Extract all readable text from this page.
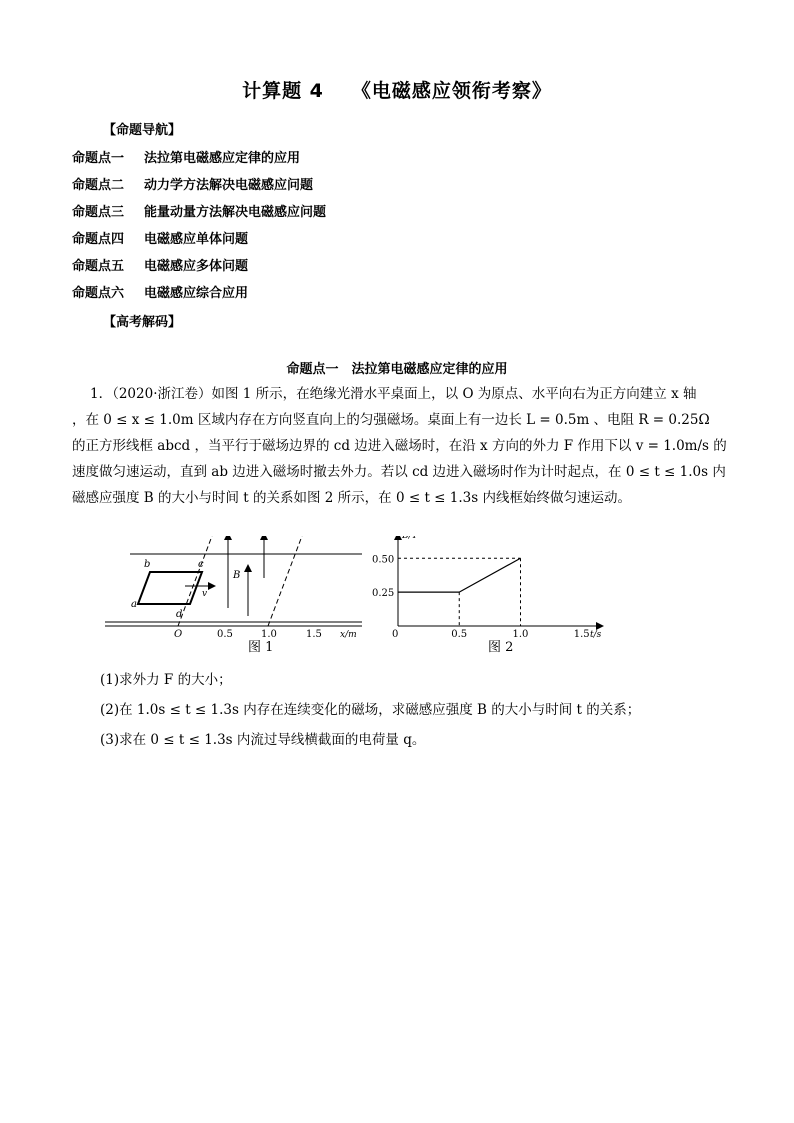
计算题 4 《电磁感应领衔考察》
【命题导航】
命题点一 法拉第电磁感应定律的应用
命题点二 动力学方法解决电磁感应问题
命题点三 能量动量方法解决电磁感应问题
命题点四 电磁感应单体问题
命题点五 电磁感应多体问题
命题点六 电磁感应综合应用
【高考解码】
命题点一　法拉第电磁感应定律的应用

1．（2020·浙江卷）如图 1 所示，在绝缘光滑水平桌面上，以 O 为原点、水平向右为正方向建立 x 轴

，在 0 ≤ x ≤ 1.0m 区域内存在方向竖直向上的匀强磁场。桌面上有一边长 L = 0.5m 、电阻 R = 0.25Ω

的正方形线框 abcd ，当平行于磁场边界的 cd 边进入磁场时，在沿 x 方向的外力 F 作用下以 v = 1.0m/s 的

速度做匀速运动，直到 ab 边进入磁场时撤去外力。若以 cd 边进入磁场时作为计时起点，在 0 ≤ t ≤ 1.0s 内

磁感应强度 B 的大小与时间 t 的关系如图 2 所示，在 0 ≤ t ≤ 1.3s 内线框始终做匀速运动。

a
b	c
d
v
B
O	0.5	1.0	1.5 x/m
图 1	图 2
0	0.5	1.0	1.5
0.25
0.50
t/s
B/T
(1)求外力 F 的大小；
(2)在 1.0s ≤ t ≤ 1.3s 内存在连续变化的磁场，求磁感应强度 B 的大小与时间 t 的关系；
(3)求在 0 ≤ t ≤ 1.3s 内流过导线横截面的电荷量 q。
